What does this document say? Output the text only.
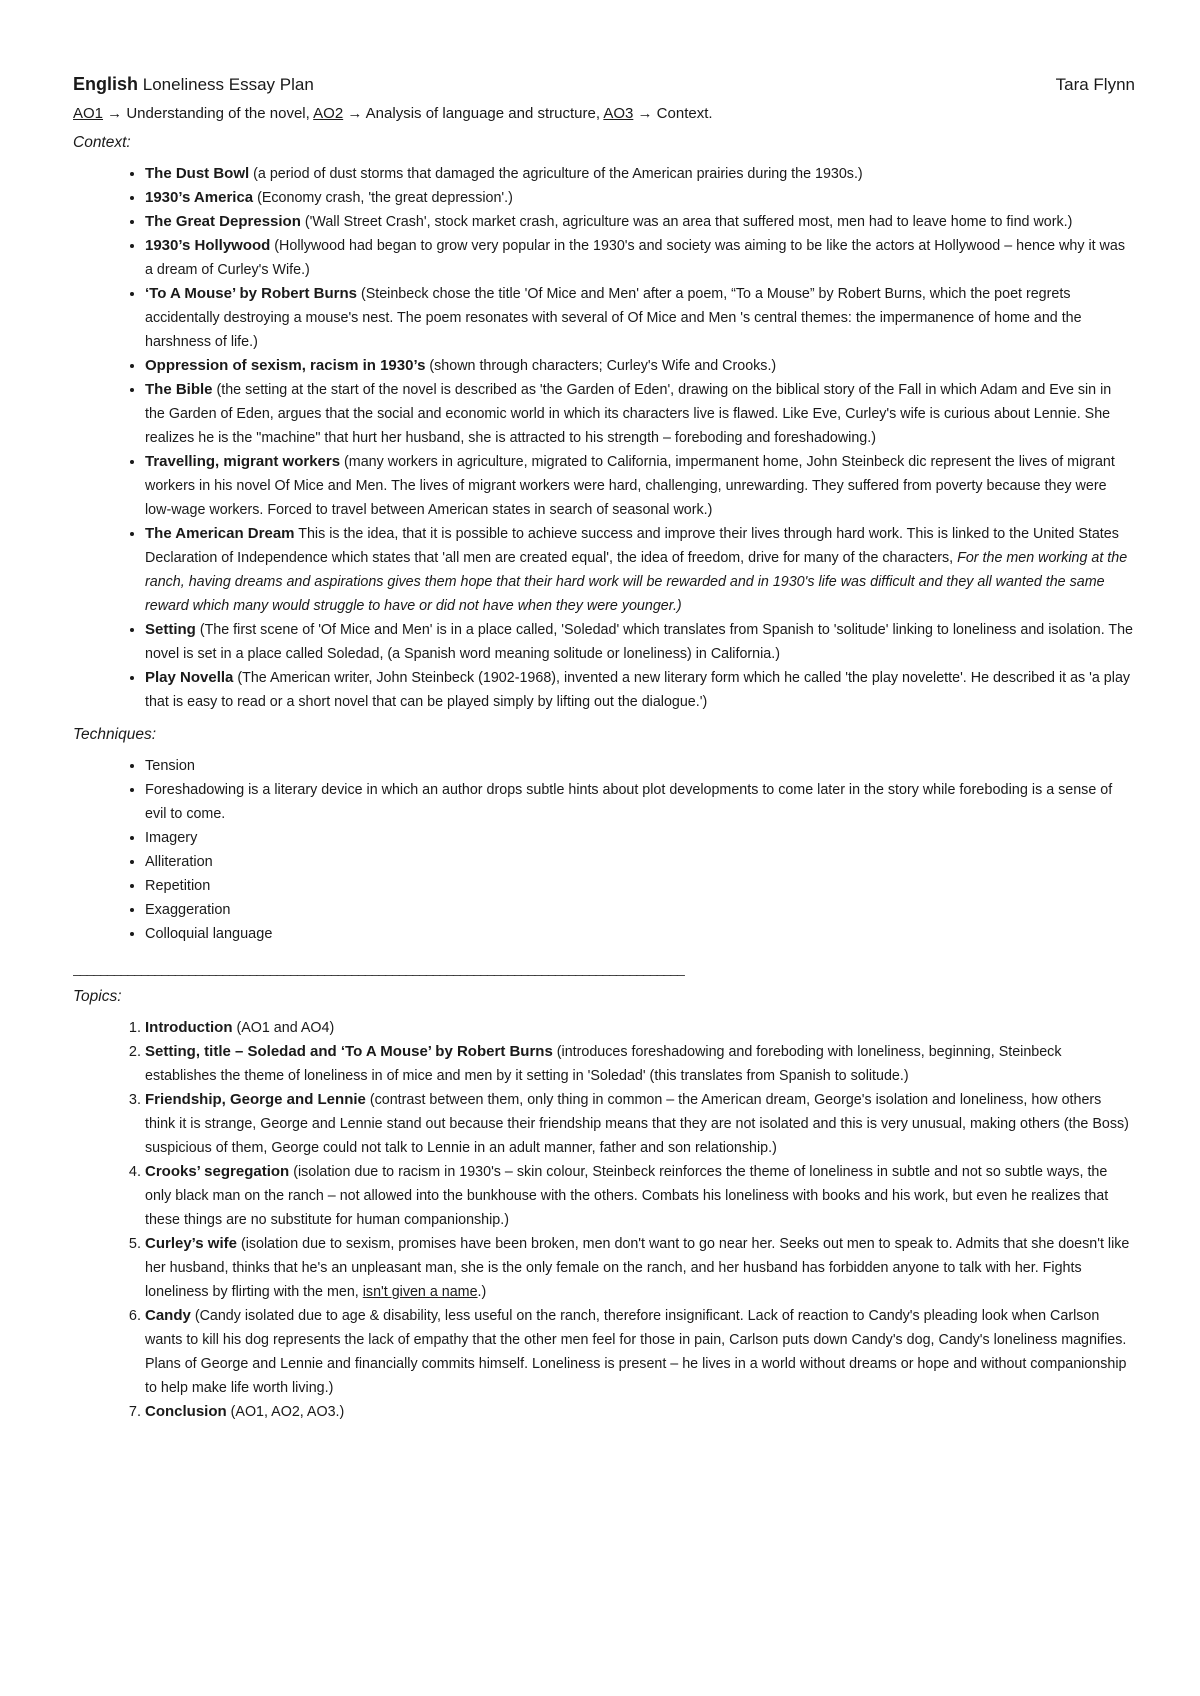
English Loneliness Essay Plan	Tara Flynn
AO1 → Understanding of the novel, AO2 → Analysis of language and structure, AO3 → Context.
Context:
• The Dust Bowl (a period of dust storms that damaged the agriculture of the American prairies during the 1930s.)
• 1930’s America (Economy crash, 'the great depression'.)
• The Great Depression ('Wall Street Crash', stock market crash, agriculture was an area that suffered most, men had to leave home to find work.)
• 1930’s Hollywood (Hollywood had began to grow very popular in the 1930's and society was aiming to be like the actors at Hollywood – hence why it was a dream of Curley's Wife.)
• ‘To A Mouse’ by Robert Burns (Steinbeck chose the title 'Of Mice and Men' after a poem, “To a Mouse” by Robert Burns, which the poet regrets accidentally destroying a mouse's nest. The poem resonates with several of Of Mice and Men 's central themes: the impermanence of home and the harshness of life.)
• Oppression of sexism, racism in 1930’s (shown through characters; Curley's Wife and Crooks.)
• The Bible (the setting at the start of the novel is described as 'the Garden of Eden', drawing on the biblical story of the Fall in which Adam and Eve sin in the Garden of Eden, argues that the social and economic world in which its characters live is flawed. Like Eve, Curley's wife is curious about Lennie. She realizes he is the "machine" that hurt her husband, she is attracted to his strength – foreboding and foreshadowing.)
• Travelling, migrant workers (many workers in agriculture, migrated to California, impermanent home, John Steinbeck dic represent the lives of migrant workers in his novel Of Mice and Men. The lives of migrant workers were hard, challenging, unrewarding. They suffered from poverty because they were low-wage workers. Forced to travel between American states in search of seasonal work.)
• The American Dream This is the idea, that it is possible to achieve success and improve their lives through hard work. This is linked to the United States Declaration of Independence which states that 'all men are created equal', the idea of freedom, drive for many of the characters, For the men working at the ranch, having dreams and aspirations gives them hope that their hard work will be rewarded and in 1930's life was difficult and they all wanted the same reward which many would struggle to have or did not have when they were younger.)
• Setting (The first scene of 'Of Mice and Men' is in a place called, 'Soledad' which translates from Spanish to 'solitude' linking to loneliness and isolation. The novel is set in a place called Soledad, (a Spanish word meaning solitude or loneliness) in California.)
• Play Novella (The American writer, John Steinbeck (1902-1968), invented a new literary form which he called 'the play novelette'. He described it as 'a play that is easy to read or a short novel that can be played simply by lifting out the dialogue.')
Techniques:
• Tension
• Foreshadowing is a literary device in which an author drops subtle hints about plot developments to come later in the story while foreboding is a sense of evil to come.
• Imagery
• Alliteration
• Repetition
• Exaggeration
• Colloquial language
__________________________________________________________________________________________
Topics:
1. Introduction (AO1 and AO4)
2. Setting, title – Soledad and ‘To A Mouse’ by Robert Burns (introduces foreshadowing and foreboding with loneliness, beginning, Steinbeck establishes the theme of loneliness in of mice and men by it setting in 'Soledad' (this translates from Spanish to solitude.)
3. Friendship, George and Lennie (contrast between them, only thing in common – the American dream, George's isolation and loneliness, how others think it is strange, George and Lennie stand out because their friendship means that they are not isolated and this is very unusual, making others (the Boss) suspicious of them, George could not talk to Lennie in an adult manner, father and son relationship.)
4. Crooks’ segregation (isolation due to racism in 1930's – skin colour, Steinbeck reinforces the theme of loneliness in subtle and not so subtle ways, the only black man on the ranch – not allowed into the bunkhouse with the others. Combats his loneliness with books and his work, but even he realizes that these things are no substitute for human companionship.)
5. Curley’s wife (isolation due to sexism, promises have been broken, men don't want to go near her. Seeks out men to speak to. Admits that she doesn't like her husband, thinks that he's an unpleasant man, she is the only female on the ranch, and her husband has forbidden anyone to talk with her. Fights loneliness by flirting with the men, isn't given a name.)
6. Candy (Candy isolated due to age & disability, less useful on the ranch, therefore insignificant. Lack of reaction to Candy's pleading look when Carlson wants to kill his dog represents the lack of empathy that the other men feel for those in pain, Carlson puts down Candy's dog, Candy's loneliness magnifies. Plans of George and Lennie and financially commits himself. Loneliness is present – he lives in a world without dreams or hope and without companionship to help make life worth living.)
7. Conclusion (AO1, AO2, AO3.)
